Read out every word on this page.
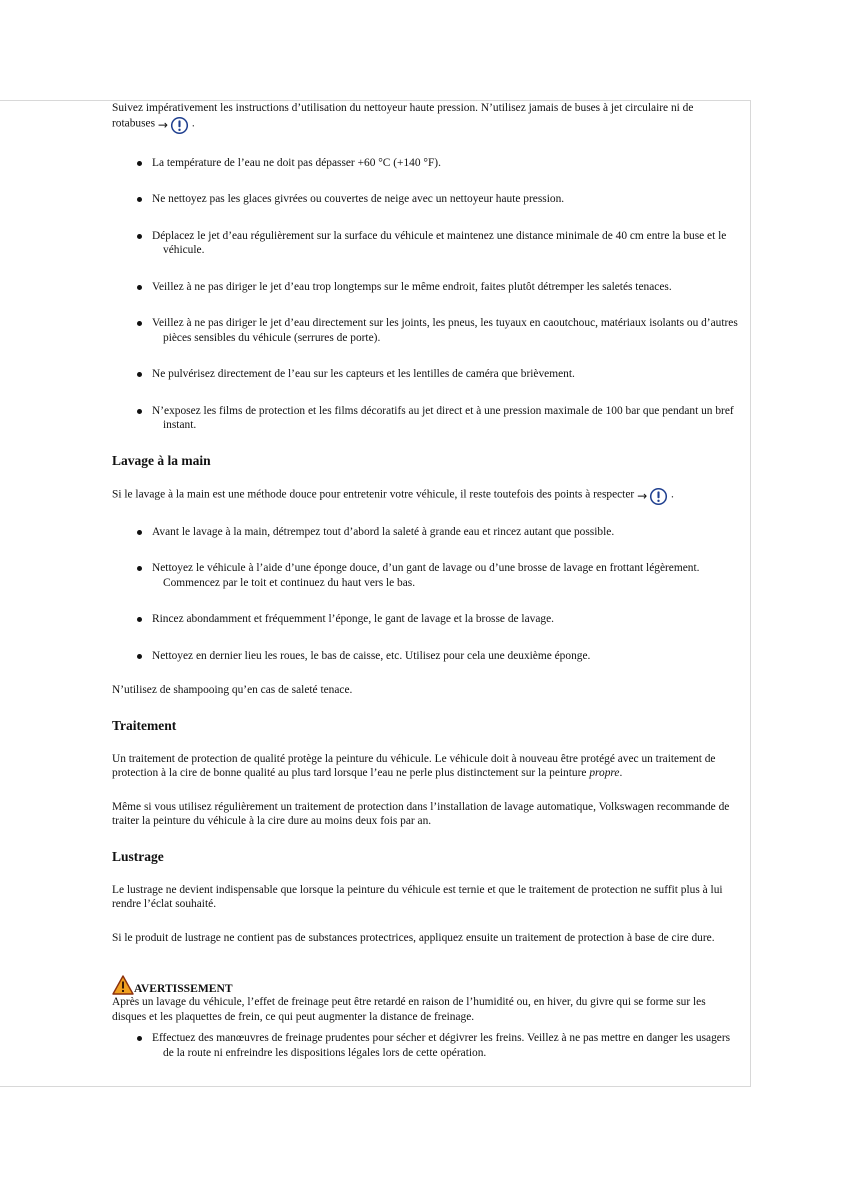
Suivez impérativement les instructions d’utilisation du nettoyeur haute pression. N’utilisez jamais de buses à jet circulaire ni de
rotabuses → .

La température de l’eau ne doit pas dépasser +60 °C (+140 °F).
Ne nettoyez pas les glaces givrées ou couvertes de neige avec un nettoyeur haute pression.
Déplacez le jet d’eau régulièrement sur la surface du véhicule et maintenez une distance minimale de 40 cm entre la buse et le véhicule.
Veillez à ne pas diriger le jet d’eau trop longtemps sur le même endroit, faites plutôt détremper les saletés tenaces.
Veillez à ne pas diriger le jet d’eau directement sur les joints, les pneus, les tuyaux en caoutchouc, matériaux isolants ou d’autres pièces sensibles du véhicule (serrures de porte).
Ne pulvérisez directement de l’eau sur les capteurs et les lentilles de caméra que brièvement.
N’exposez les films de protection et les films décoratifs au jet direct et à une pression maximale de 100 bar que pendant un bref instant.
Lavage à la main

Si le lavage à la main est une méthode douce pour entretenir votre véhicule, il reste toutefois des points à respecter → .

Avant le lavage à la main, détrempez tout d’abord la saleté à grande eau et rincez autant que possible.
Nettoyez le véhicule à l’aide d’une éponge douce, d’un gant de lavage ou d’une brosse de lavage en frottant légèrement. Commencez par le toit et continuez du haut vers le bas.
Rincez abondamment et fréquemment l’éponge, le gant de lavage et la brosse de lavage.
Nettoyez en dernier lieu les roues, le bas de caisse, etc. Utilisez pour cela une deuxième éponge.

N’utilisez de shampooing qu’en cas de saleté tenace.

Traitement

Un traitement de protection de qualité protège la peinture du véhicule. Le véhicule doit à nouveau être protégé avec un traitement de protection à la cire de bonne qualité au plus tard lorsque l’eau ne perle plus distinctement sur la peinture propre.

Même si vous utilisez régulièrement un traitement de protection dans l’installation de lavage automatique, Volkswagen recommande de traiter la peinture du véhicule à la cire dure au moins deux fois par an.

Lustrage

Le lustrage ne devient indispensable que lorsque la peinture du véhicule est ternie et que le traitement de protection ne suffit plus à lui rendre l’éclat souhaité.

Si le produit de lustrage ne contient pas de substances protectrices, appliquez ensuite un traitement de protection à base de cire dure.

AVERTISSEMENT

Après un lavage du véhicule, l’effet de freinage peut être retardé en raison de l’humidité ou, en hiver, du givre qui se forme sur les disques et les plaquettes de frein, ce qui peut augmenter la distance de freinage.

Effectuez des manœuvres de freinage prudentes pour sécher et dégivrer les freins. Veillez à ne pas mettre en danger les usagers de la route ni enfreindre les dispositions légales lors de cette opération.
